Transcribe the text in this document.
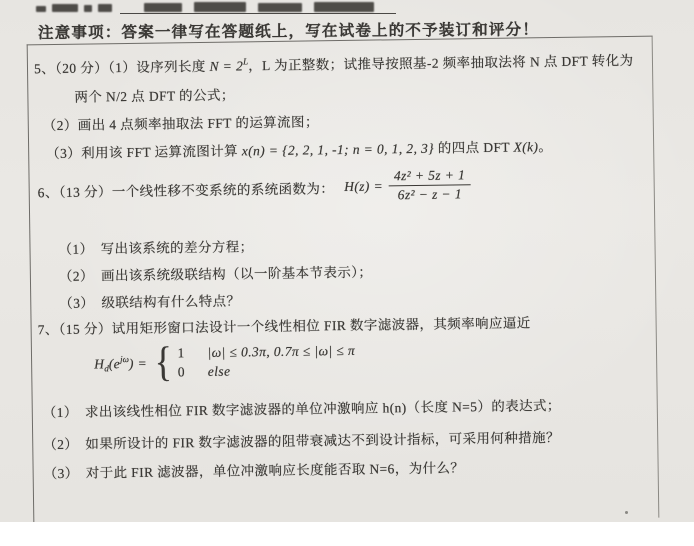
注意事项：答案一律写在答题纸上，写在试卷上的不予装订和评分！
5、（20 分）（1）设序列长度 $N = 2^L$，L 为正整数；试推导按照基-2 频率抽取法将 N 点 DFT 转化为
两个 N/2 点 DFT 的公式；
（2）画出 4 点频率抽取法 FFT 的运算流图；
（3）利用该 FFT 运算流图计算 x(n) = {2, 2, 1, -1; n = 0, 1, 2, 3} 的四点 DFT X(k)。
6、（13 分）一个线性移不变系统的系统函数为： $H(z) = \frac{\text{4z² + 5z + 1}}{\text{6z² − z − 1}}$
（1）　写出该系统的差分方程；
（2）　画出该系统级联结构（以一阶基本节表示）；
（3）　级联结构有什么特点？
7、（15 分）试用矩形窗口法设计一个线性相位 FIR 数字滤波器，其频率响应逼近
$H_d(e^{j\omega})$ = { 1	|ω| ≤ 0.3π, 0.7π ≤ |ω| ≤ π
0	else
（1）　求出该线性相位 FIR 数字滤波器的单位冲激响应 h(n)（长度 N=5）的表达式；
（2）　如果所设计的 FIR 数字滤波器的阻带衰减达不到设计指标，可采用何种措施？
（3）　对于此 FIR 滤波器，单位冲激响应长度能否取 N=6，为什么？
